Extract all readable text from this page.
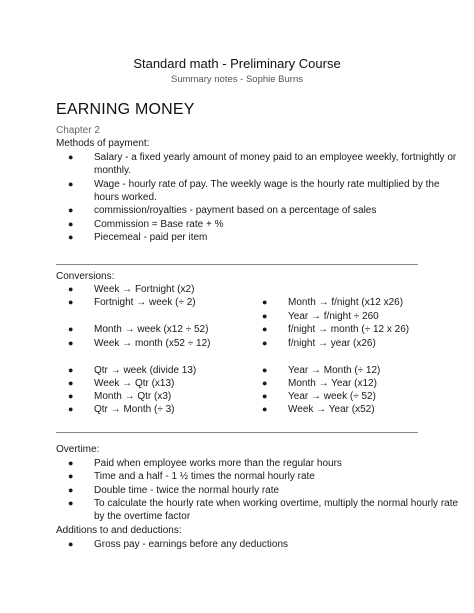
Standard math - Preliminary Course
Summary notes - Sophie Burns
EARNING MONEY
Chapter 2
Methods of payment:
●	Salary - a fixed yearly amount of money paid to an employee weekly, fortnightly or
monthly.
●	Wage - hourly rate of pay. The weekly wage is the hourly rate multiplied by the
hours worked.
●	commission/royalties - payment based on a percentage of sales
●	Commission = Base rate + %
●	Piecemeal - paid per item
Conversions:
●	Week → Fortnight (x2)
●	Fortnight → week (÷ 2)
●	Month → week (x12 ÷ 52)
●	Week → month (x52 ÷ 12)
●	Qtr → week (divide 13)
●	Week → Qtr (x13)
●	Month → Qtr (x3)
●	Qtr → Month (÷ 3)
●	Month → f/night (x12 x26)
●	Year → f/night ÷ 260
●	f/night → month (÷ 12 x 26)
●	f/night → year (x26)
●	Year → Month (÷ 12)
●	Month → Year (x12)
●	Year → week (÷ 52)
●	Week → Year (x52)
Overtime:
●	Paid when employee works more than the regular hours
●	Time and a half - 1 ½ times the normal hourly rate
●	Double time - twice the normal hourly rate
●	To calculate the hourly rate when working overtime, multiply the normal hourly rate
by the overtime factor
Additions to and deductions:
●	Gross pay - earnings before any deductions
